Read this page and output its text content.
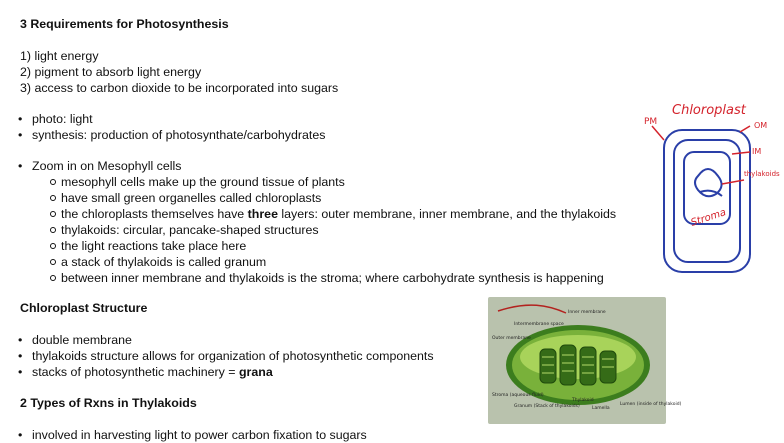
3 Requirements for Photosynthesis
1) light energy
2) pigment to absorb light energy
3) access to carbon dioxide to be incorporated into sugars
• photo: light
• synthesis: production of photosynthate/carbohydrates
• Zoom in on Mesophyll cells
mesophyll cells make up the ground tissue of plants
have small green organelles called chloroplasts
the chloroplasts themselves have three layers: outer membrane, inner membrane, and the thylakoids
thylakoids: circular, pancake-shaped structures
the light reactions take place here
a stack of thylakoids is called granum
between inner membrane and thylakoids is the stroma; where carbohydrate synthesis is happening
Chloroplast Structure
• double membrane
• thylakoids structure allows for organization of photosynthetic components
• stacks of photosynthetic machinery = grana
2 Types of Rxns in Thylakoids
• involved in harvesting light to power carbon fixation to sugars
Chloroplast
PM	OM
IM
thylakoids
Stroma
Inner membrane
Intermembrane space
Outer membrane
Stroma (aqueous fluid)
Granum (Stack of thylakoids)
Thylakoid
Lamella
Lumen (inside of thylakoid)
